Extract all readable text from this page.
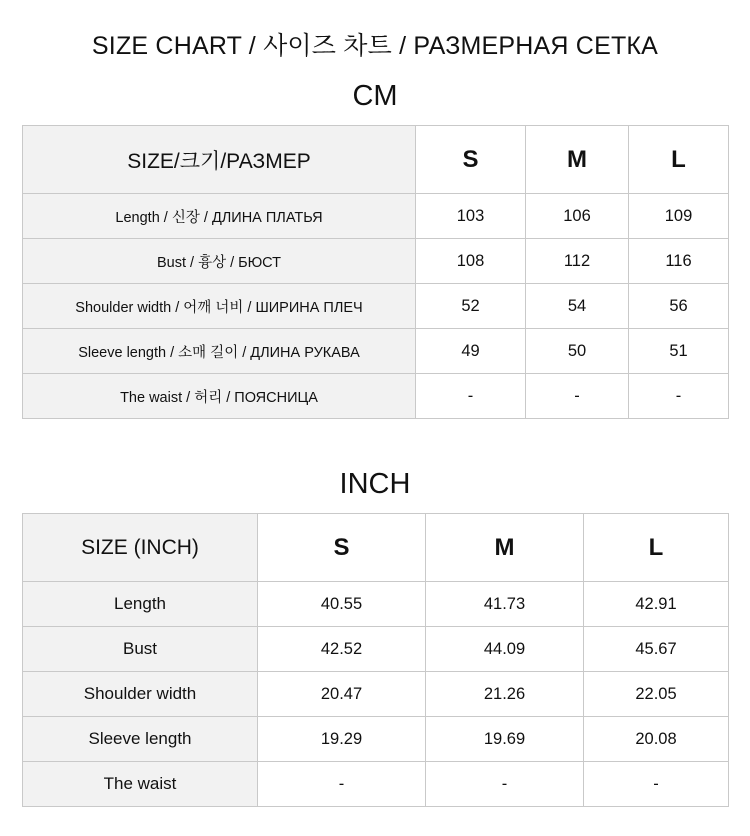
SIZE CHART / 사이즈 차트 / РАЗМЕРНАЯ СЕТКА
CM
SIZE/크기/РАЗМЕР	S	M	L
Length / 신장 / ДЛИНА ПЛАТЬЯ	103	106	109
Bust / 흉상 / БЮСТ	108	112	116
Shoulder width / 어깨 너비 / ШИРИНА ПЛЕЧ	52	54	56
Sleeve length / 소매 길이 / ДЛИНА РУКАВА	49	50	51
The waist / 허리 / ПОЯСНИЦА	-	-	-
INCH
SIZE (INCH)	S	M	L
Length	40.55	41.73	42.91
Bust	42.52	44.09	45.67
Shoulder width	20.47	21.26	22.05
Sleeve length	19.29	19.69	20.08
The waist	-	-	-
